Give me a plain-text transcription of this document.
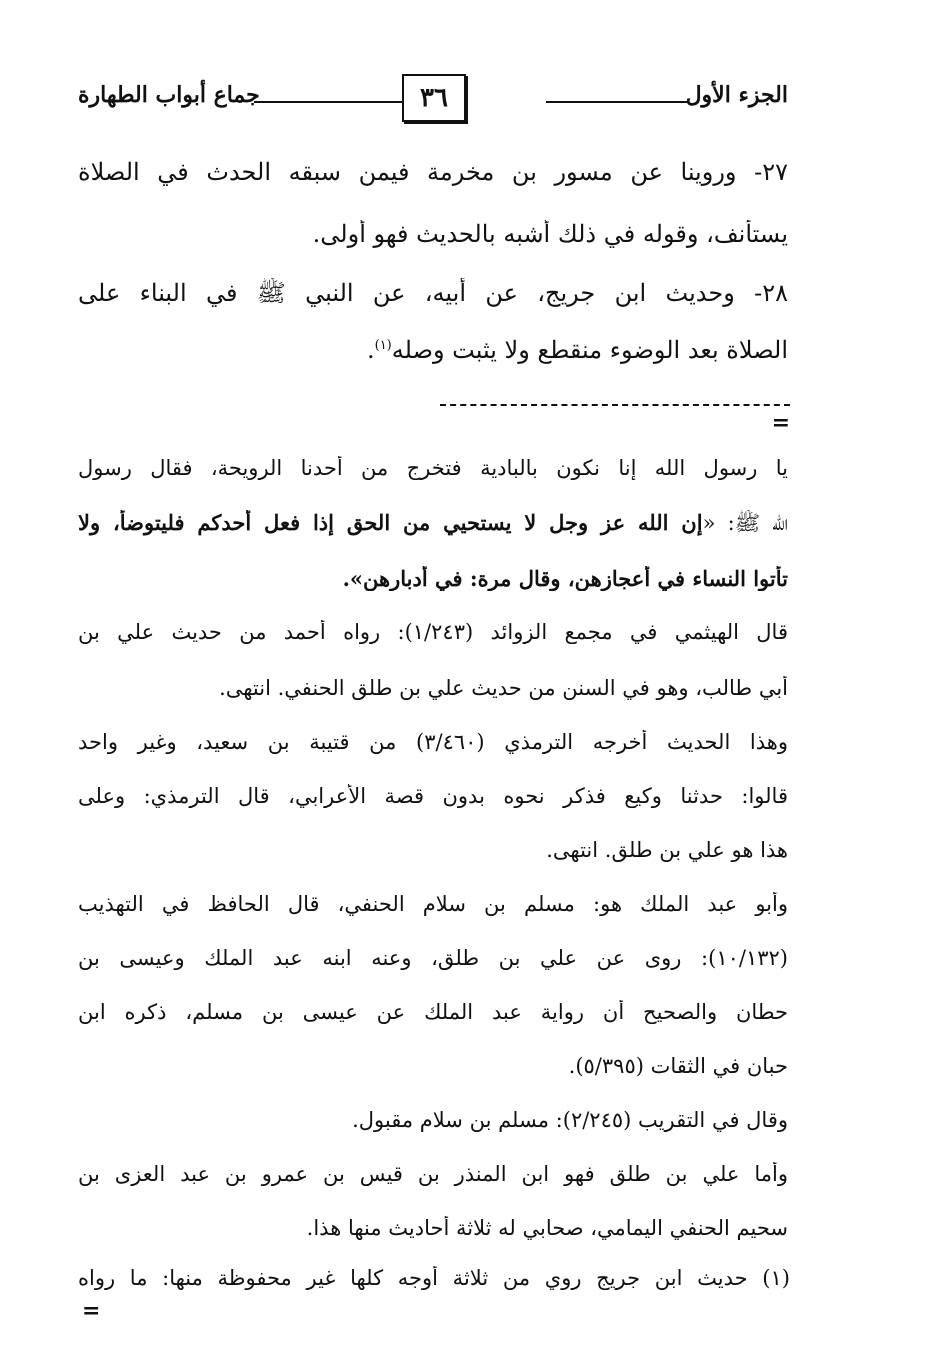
الجزء الأول
٣٦
جماع أبواب الطهارة
٢٧- وروينا عن مسور بن مخرمة فيمن سبقه الحدث في الصلاة
يستأنف، وقوله في ذلك أشبه بالحديث فهو أولى.
٢٨- وحديث ابن جريج، عن أبيه، عن النبي ﷺ في البناء على
الصلاة بعد الوضوء منقطع ولا يثبت وصله$^{(١)}$.
=
يا رسول الله إنا نكون بالبادية فتخرج من أحدنا الرويحة، فقال رسول
الله ﷺ: «إن الله عز وجل لا يستحيي من الحق إذا فعل أحدكم فليتوضأ، ولا
تأتوا النساء في أعجازهن، وقال مرة: في أدبارهن».
قال الهيثمي في مجمع الزوائد (١/٢٤٣): رواه أحمد من حديث علي بن
أبي طالب، وهو في السنن من حديث علي بن طلق الحنفي. انتهى.
وهذا الحديث أخرجه الترمذي (٣/٤٦٠) من قتيبة بن سعيد، وغير واحد
قالوا: حدثنا وكيع فذكر نحوه بدون قصة الأعرابي، قال الترمذي: وعلى
هذا هو علي بن طلق. انتهى.
وأبو عبد الملك هو: مسلم بن سلام الحنفي، قال الحافظ في التهذيب
(١٠/١٣٢): روى عن علي بن طلق، وعنه ابنه عبد الملك وعيسى بن
حطان والصحيح أن رواية عبد الملك عن عيسى بن مسلم، ذكره ابن
حبان في الثقات (٥/٣٩٥).
وقال في التقريب (٢/٢٤٥): مسلم بن سلام مقبول.
وأما علي بن طلق فهو ابن المنذر بن قيس بن عمرو بن عبد العزى بن
سحيم الحنفي اليمامي، صحابي له ثلاثة أحاديث منها هذا.
(١) حديث ابن جريج روي من ثلاثة أوجه كلها غير محفوظة منها: ما رواه
=
